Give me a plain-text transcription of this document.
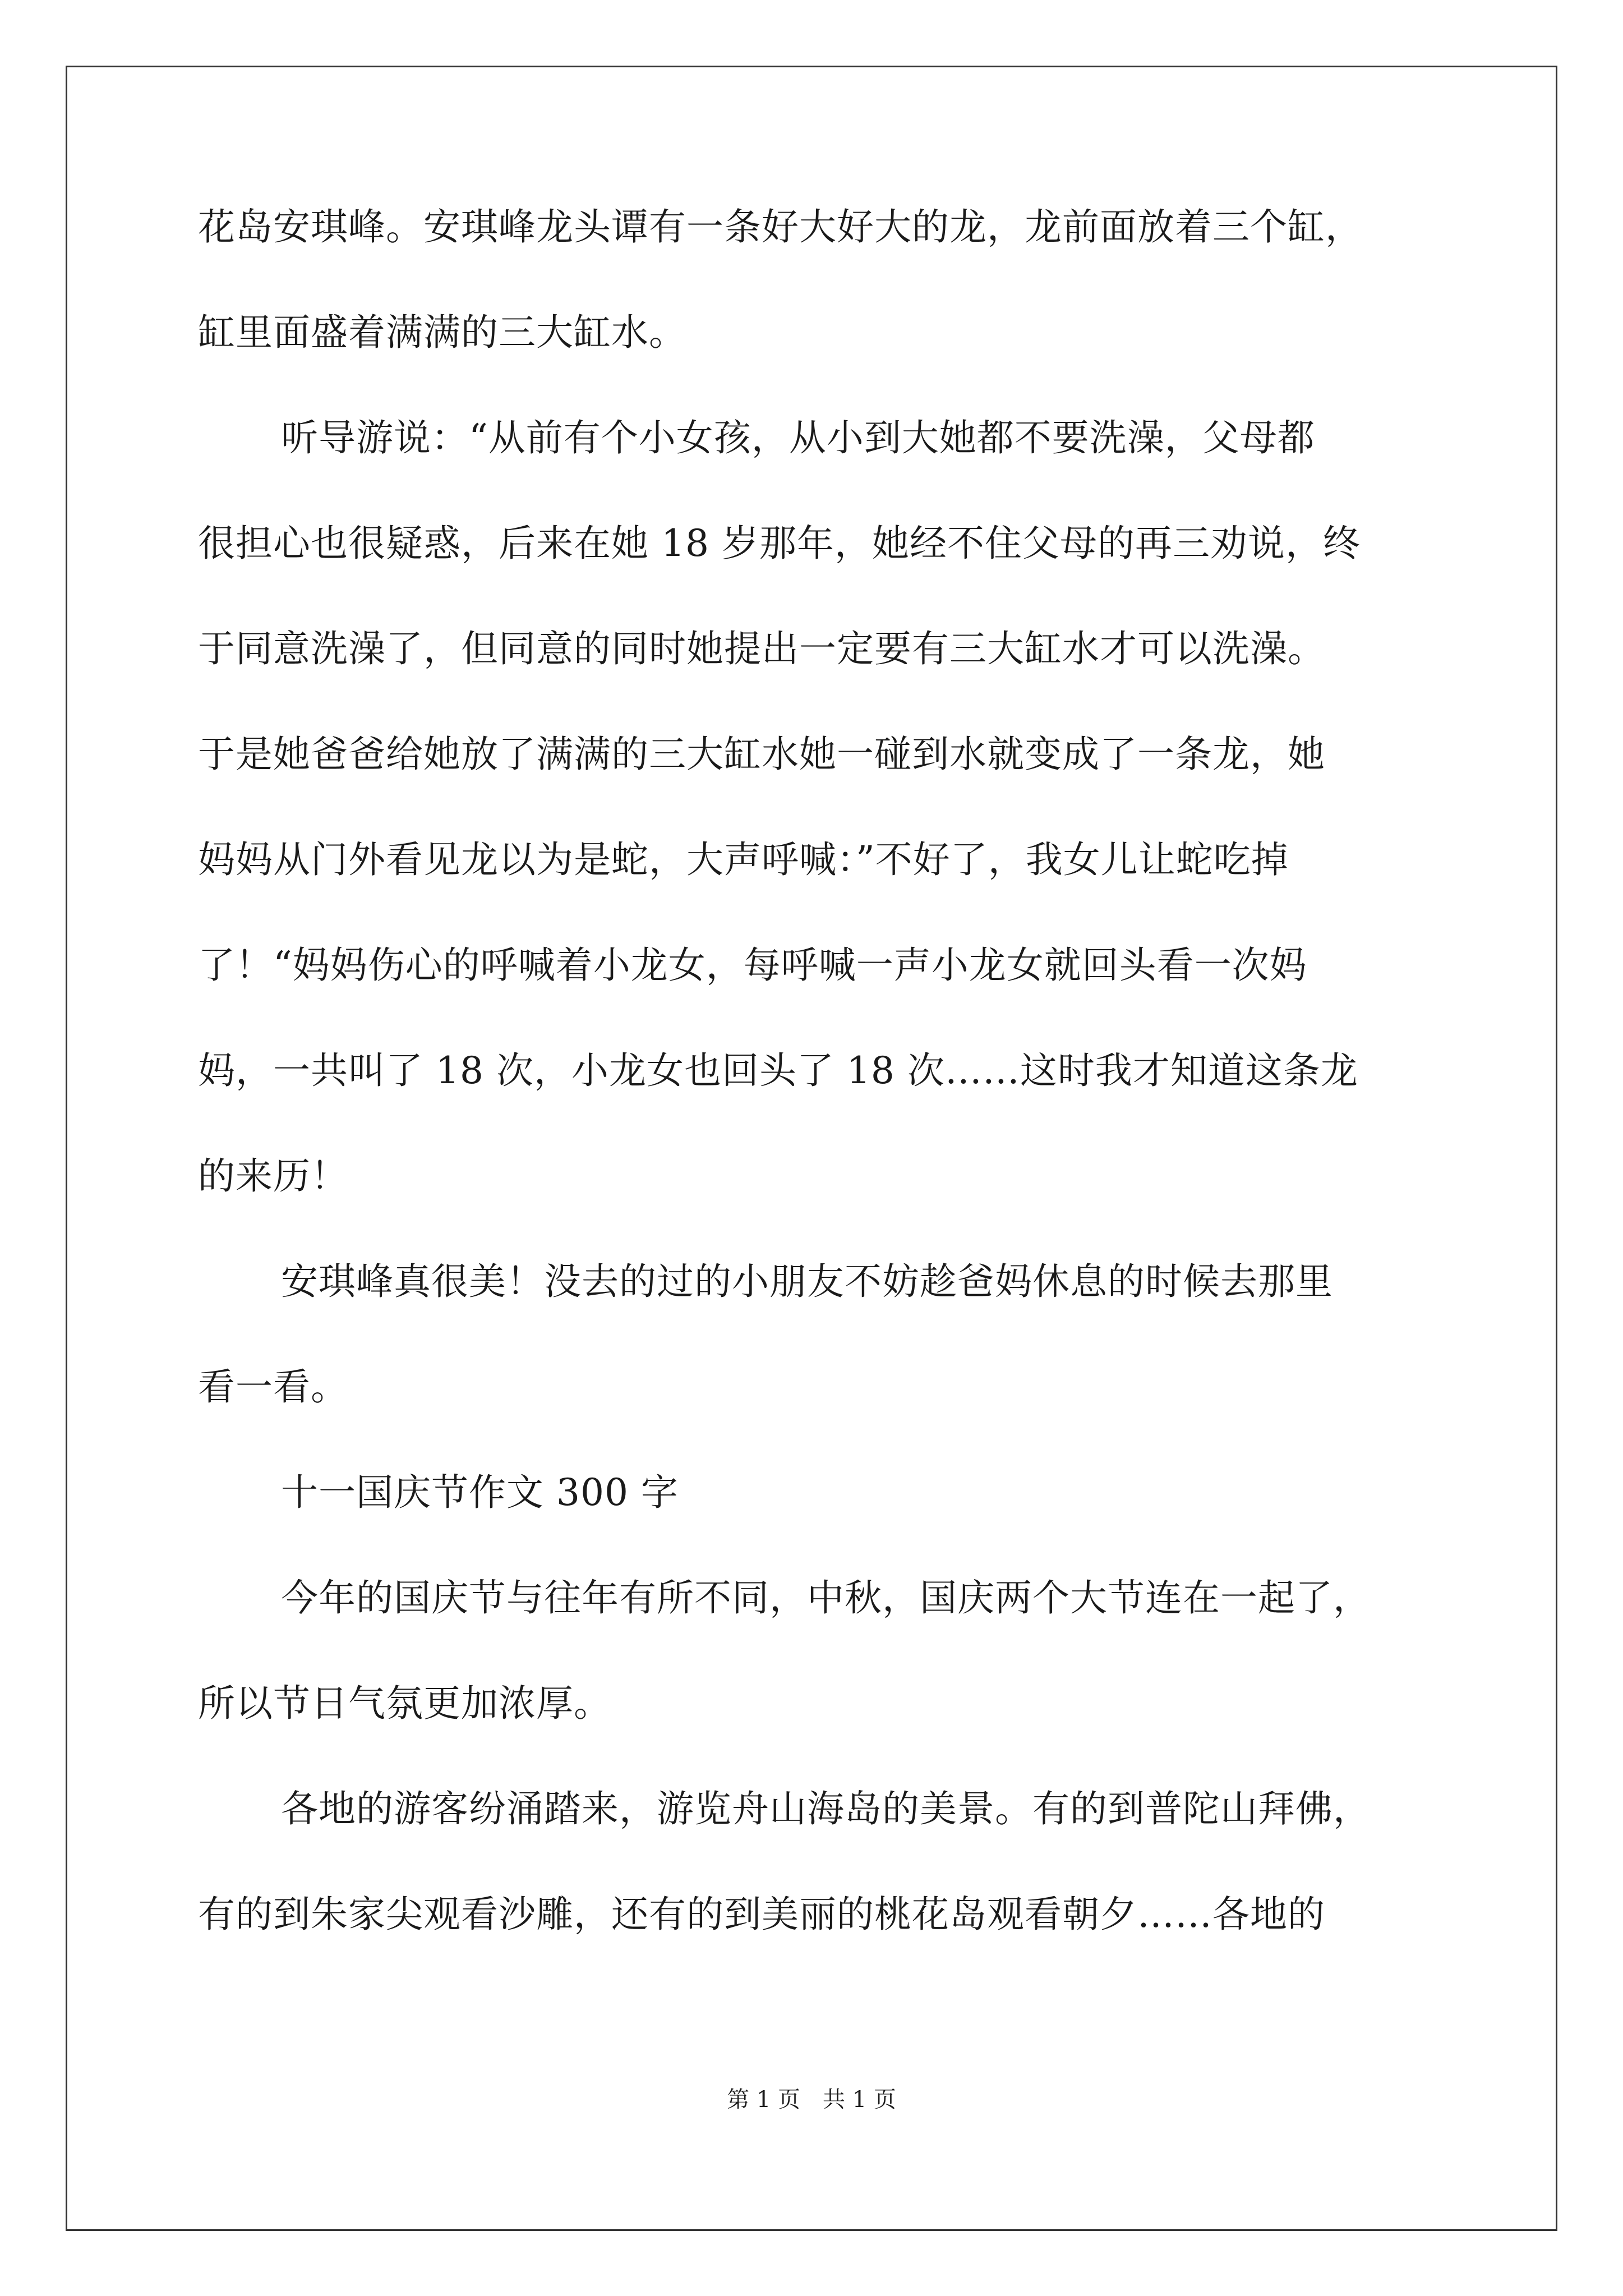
花岛安琪峰。安琪峰龙头谭有一条好大好大的龙，龙前面放着三个缸，
缸里面盛着满满的三大缸水。
听导游说：“从前有个小女孩，从小到大她都不要洗澡，父母都
很担心也很疑惑，后来在她 18 岁那年，她经不住父母的再三劝说，终
于同意洗澡了，但同意的同时她提出一定要有三大缸水才可以洗澡。
于是她爸爸给她放了满满的三大缸水她一碰到水就变成了一条龙，她
妈妈从门外看见龙以为是蛇，大声呼喊：”不好了，我女儿让蛇吃掉
了！“妈妈伤心的呼喊着小龙女，每呼喊一声小龙女就回头看一次妈
妈，一共叫了 18 次，小龙女也回头了 18 次……这时我才知道这条龙
的来历！
安琪峰真很美！没去的过的小朋友不妨趁爸妈休息的时候去那里
看一看。
十一国庆节作文 300 字
今年的国庆节与往年有所不同，中秋，国庆两个大节连在一起了，
所以节日气氛更加浓厚。
各地的游客纷涌踏来，游览舟山海岛的美景。有的到普陀山拜佛，
有的到朱家尖观看沙雕，还有的到美丽的桃花岛观看朝夕……各地的
第 1 页　共 1 页
